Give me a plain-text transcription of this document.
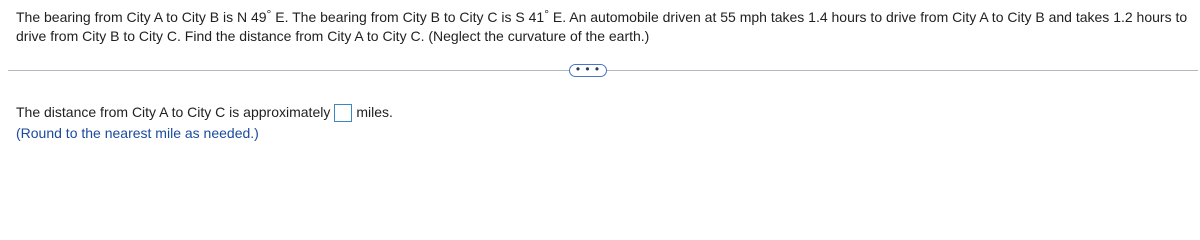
The bearing from City A to City B is N 49° E. The bearing from City B to City C is S 41° E. An automobile driven at 55 mph takes 1.4 hours to drive from City A to City B and takes 1.2 hours to drive from City B to City C. Find the distance from City A to City C. (Neglect the curvature of the earth.)

• • •
The distance from City A to City C is approximately miles.
(Round to the nearest mile as needed.)
